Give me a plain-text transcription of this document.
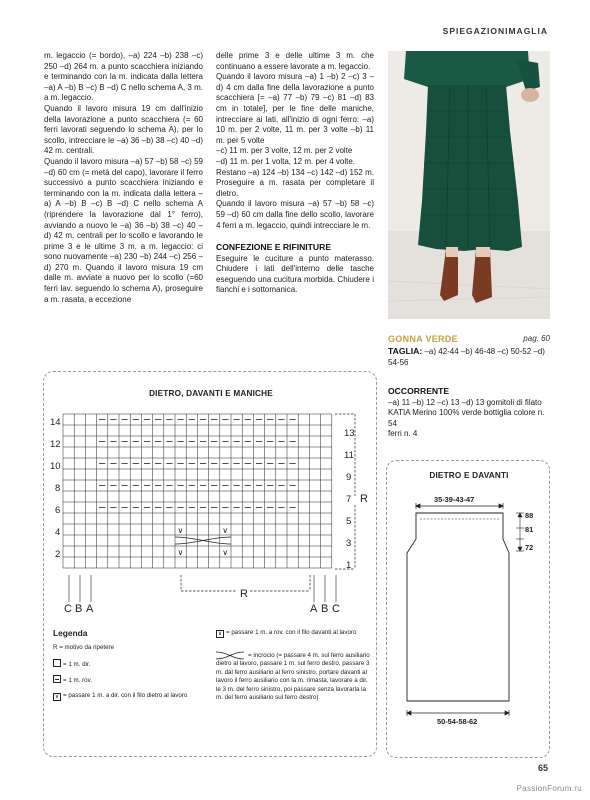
SPIEGAZIONIMAGLIA

m. legaccio (= bordo), –a) 224 –b) 238 –c) 250 –d) 264 m. a punto scacchiera iniziando e terminando con la m. indicata dalla lettera –a) A –b) B –c) B –d) C nello schema A, 3 m. a m. legaccio.

Quando il lavoro misura 19 cm dall'inizio della lavorazione a punto scacchiera (= 60 ferri lavorati seguendo lo schema A), per lo scollo, intrecciare le –a) 36 –b) 38 –c) 40 –d) 42 m. centrali.

Quando il lavoro misura –a) 57 –b) 58 –c) 59 –d) 60 cm (= metà del capo), lavorare il ferro successivo a punto scacchiera iniziando e terminando con la m. indicata dalla lettera –a) A –b) B –c) B –d) C nello schema A (riprendere la lavorazione dal 1° ferro), avviando a nuovo le –a) 36 –b) 38 –c) 40 –d) 42 m. centrali per lo scollo e lavorando le prime 3 e le ultime 3 m. a m. legaccio: ci sono nuovamente –a) 230 –b) 244 –c) 256 –d) 270 m. Quando il lavoro misura 19 cm dalle m. avviate a nuovo per lo scollo (=60 ferri lav. seguendo lo schema A), proseguire a m. rasata, a eccezione

delle prime 3 e delle ultime 3 m. che continuano a essere lavorate a m. legaccio.

Quando il lavoro misura –a) 1 –b) 2 –c) 3 –d) 4 cm dalla fine della lavorazione a punto scacchiera [= –a) 77 –b) 79 –c) 81 –d) 83 cm in totale], per le fine delle maniche, intrecciare ai lati, all'inizio di ogni ferro: –a) 10 m. per 2 volte, 11 m. per 3 volte –b) 11 m. per 5 volte

–c) 11 m. per 3 volte, 12 m. per 2 volte

–d) 11 m. per 1 volta, 12 m. per 4 volte.

Restano –a) 124 –b) 134 –c) 142 –d) 152 m. Proseguire a m. rasata per completare il dietro.

Quando il lavoro misura –a) 57 –b) 58 –c) 59 –d) 60 cm dalla fine dello scollo, lavorare 4 ferri a m. legaccio, quindi intrecciare le m.

CONFEZIONE E RIFINITURE

Eseguire le cuciture a punto materasso. Chiudere i lati dell'interno delle tasche eseguendo una cucitura morbida. Chiudere i fianchi e i sottomanica.

GONNA VERDE	pag. 60
TAGLIA: –a) 42-44 –b) 46-48 –c) 50-52 –d) 54-56
OCCORRENTE
–a) 11 –b) 12 –c) 13 –d) 13 gomitoli di filato KATIA Merino 100% verde bottiglia colore n. 54
ferri n. 4
DIETRO, DAVANTI E MANICHE
∨
∨
∨
∨
14
12
10
8
6
4
2
13
11
9
7
5
3
1
R
R
C B A	A B C
Legenda
R = motivo da ripetere
= 1 m. dir.
= 1 m. rov.
∨ = passare 1 m. a dir. con il filo dietro al lavoro
∨ = passare 1 m. a rov. con il filo davanti al lavoro
= incrocio (= passare 4 m. sul ferro ausiliario dietro al lavoro, passare 1 m. sul ferro destro, passare 3 m. dal ferro ausiliario al ferro sinistro, portare davanti al lavoro il ferro ausiliario con la m. rimasta, lavorare a dir. le 3 m. del ferro sinistro, poi passare senza lavorarla la m. del ferro ausiliario sul ferro destro)
DIETRO E DAVANTI
35-39-43-47
88
81
72
50-54-58-62
65
PassionForum.ru
